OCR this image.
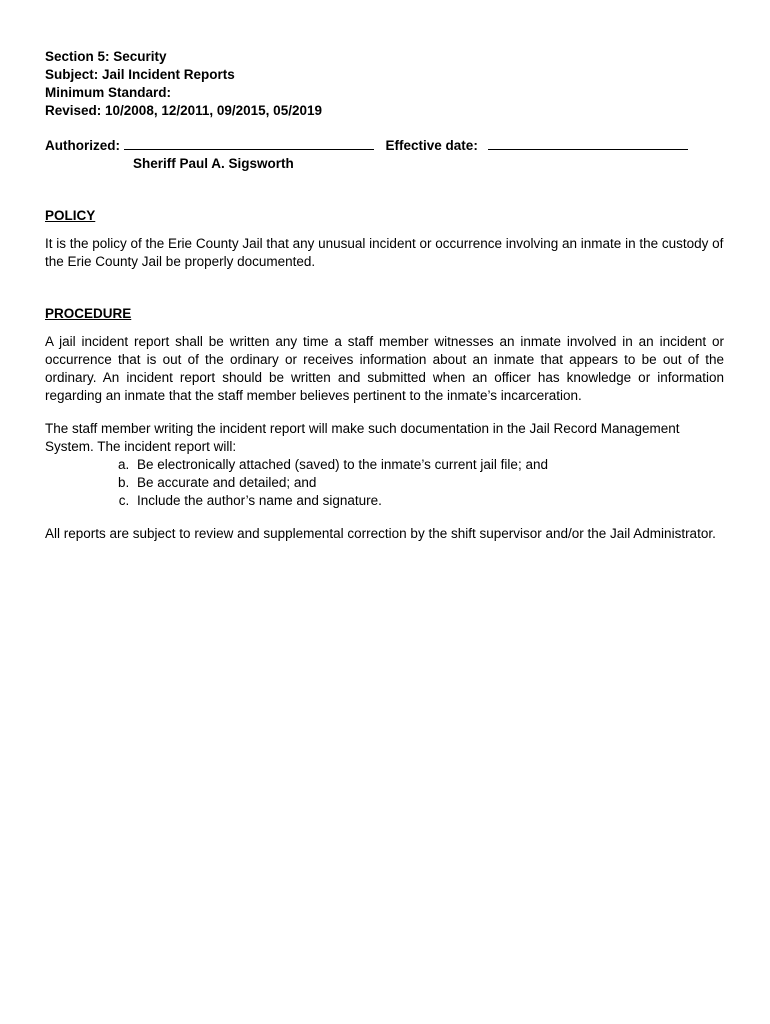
Section 5: Security

Subject: Jail Incident Reports

Minimum Standard:

Revised: 10/2008, 12/2011, 09/2015, 05/2019

Authorized:	Effective date:

Sheriff Paul A. Sigsworth

POLICY

It is the policy of the Erie County Jail that any unusual incident or occurrence involving an inmate in the custody of the Erie County Jail be properly documented.

PROCEDURE

A jail incident report shall be written any time a staff member witnesses an inmate involved in an incident or occurrence that is out of the ordinary or receives information about an inmate that appears to be out of the ordinary. An incident report should be written and submitted when an officer has knowledge or information regarding an inmate that the staff member believes pertinent to the inmate’s incarceration.

The staff member writing the incident report will make such documentation in the Jail Record Management System. The incident report will:

a. Be electronically attached (saved) to the inmate’s current jail file; and
b. Be accurate and detailed; and
c. Include the author’s name and signature.

All reports are subject to review and supplemental correction by the shift supervisor and/or the Jail Administrator.
